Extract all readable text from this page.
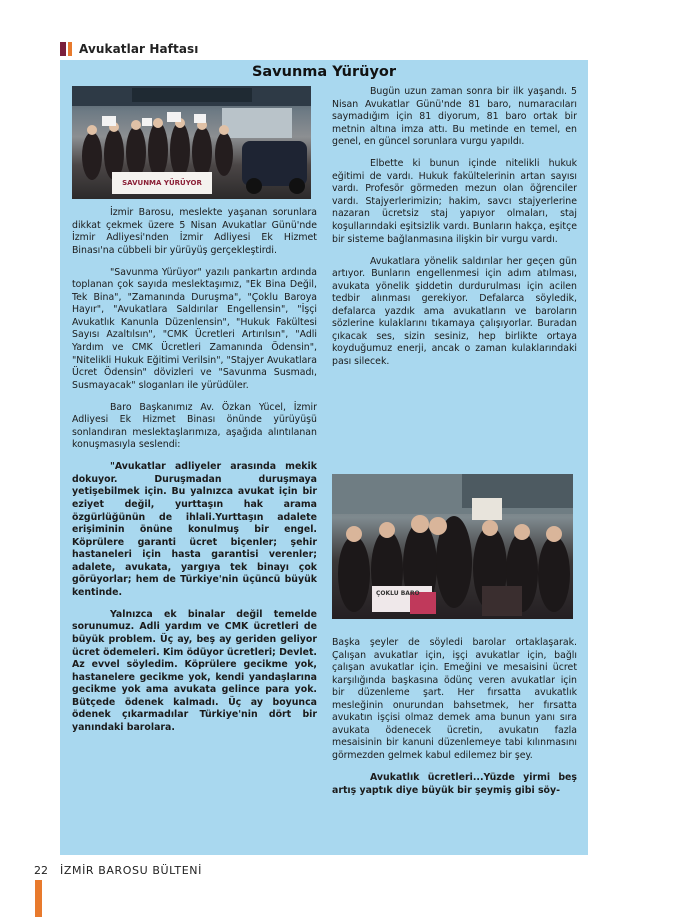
Avukatlar Haftası
Savunma Yürüyor
SAVUNMA YÜRÜYOR
ÇOKLU BARO

İzmir Barosu, meslekte yaşanan sorunlara dikkat çekmek üzere 5 Nisan Avukatlar Günü'nde İzmir Adliyesi'nden İzmir Adliyesi Ek Hizmet Binası'na cübbeli bir yürüyüş gerçekleştirdi.

"Savunma Yürüyor" yazılı pankartın ardında toplanan çok sayıda meslektaşımız, "Ek Bina Değil, Tek Bina", "Zamanında Duruşma", "Çoklu Baroya Hayır", "Avukatlara Saldırılar Engellensin", "İşçi Avukatlık Kanunla Düzenlensin", "Hukuk Fakültesi Sayısı Azaltılsın", "CMK Ücretleri Artırılsın", "Adli Yardım ve CMK Ücretleri Zamanında Ödensin", "Nitelikli Hukuk Eğitimi Verilsin", "Stajyer Avukatlara Ücret Ödensin" dövizleri ve "Savunma Susmadı, Susmayacak" sloganları ile yürüdüler.

Baro Başkanımız Av. Özkan Yücel, İzmir Adliyesi Ek Hizmet Binası önünde yürüyüşü sonlandıran meslektaşlarımıza, aşağıda alıntılanan konuşmasıyla seslendi:

"Avukatlar adliyeler arasında mekik dokuyor. Duruşmadan duruşmaya yetişebilmek için. Bu yalnızca avukat için bir eziyet değil, yurttaşın hak arama özgürlüğünün de ihlali.Yurttaşın adalete erişiminin önüne konulmuş bir engel. Köprülere garanti ücret biçenler; şehir hastaneleri için hasta garantisi verenler; adalete, avukata, yargıya tek binayı çok görüyorlar; hem de Türkiye'nin üçüncü büyük kentinde.

Yalnızca ek binalar değil temelde sorunumuz. Adli yardım ve CMK ücretleri de büyük problem. Üç ay, beş ay geriden geliyor ücret ödemeleri. Kim ödüyor ücretleri; Devlet. Az evvel söyledim. Köprülere gecikme yok, hastanelere gecikme yok, kendi yandaşlarına gecikme yok ama avukata gelince para yok. Bütçede ödenek kalmadı. Üç ay boyunca ödenek çıkarmadılar Türkiye'nin dört bir yanındaki barolara.

Bugün uzun zaman sonra bir ilk yaşandı. 5 Nisan Avukatlar Günü'nde 81 baro, numaracıları saymadığım için 81 diyorum, 81 baro ortak bir metnin altına imza attı. Bu metinde en temel, en genel, en güncel sorunlara vurgu yapıldı.

Elbette ki bunun içinde nitelikli hukuk eğitimi de vardı. Hukuk fakültelerinin artan sayısı vardı. Profesör görmeden mezun olan öğrenciler vardı. Stajyerlerimizin; hakim, savcı stajyerlerine nazaran ücretsiz staj yapıyor olmaları, staj koşullarındaki eşitsizlik vardı. Bunların hakça, eşitçe bir sisteme bağlanmasına ilişkin bir vurgu vardı.

Avukatlara yönelik saldırılar her geçen gün artıyor. Bunların engellenmesi için adım atılması, avukata yönelik şiddetin durdurulması için acilen tedbir alınması gerekiyor. Defalarca söyledik, defalarca yazdık ama avukatların ve baroların sözlerine kulaklarını tıkamaya çalışıyorlar. Buradan çıkacak ses, sizin sesiniz, hep birlikte ortaya koyduğumuz enerji, ancak o zaman kulaklarındaki pası silecek.

Başka şeyler de söyledi barolar ortaklaşarak. Çalışan avukatlar için, işçi avukatlar için, bağlı çalışan avukatlar için. Emeğini ve mesaisini ücret karşılığında başkasına ödünç veren avukatlar için bir düzenleme şart. Her fırsatta avukatlık mesleğinin onurundan bahsetmek, her fırsatta avukatın işçisi olmaz demek ama bunun yanı sıra avukata ödenecek ücretin, avukatın fazla mesaisinin bir kanuni düzenlemeye tabi kılınmasını görmezden gelmek kabul edilemez bir şey.

Avukatlık ücretleri...Yüzde yirmi beş artış yaptık diye büyük bir şeymiş gibi söy-

22 İZMİR BAROSU BÜLTENİ
